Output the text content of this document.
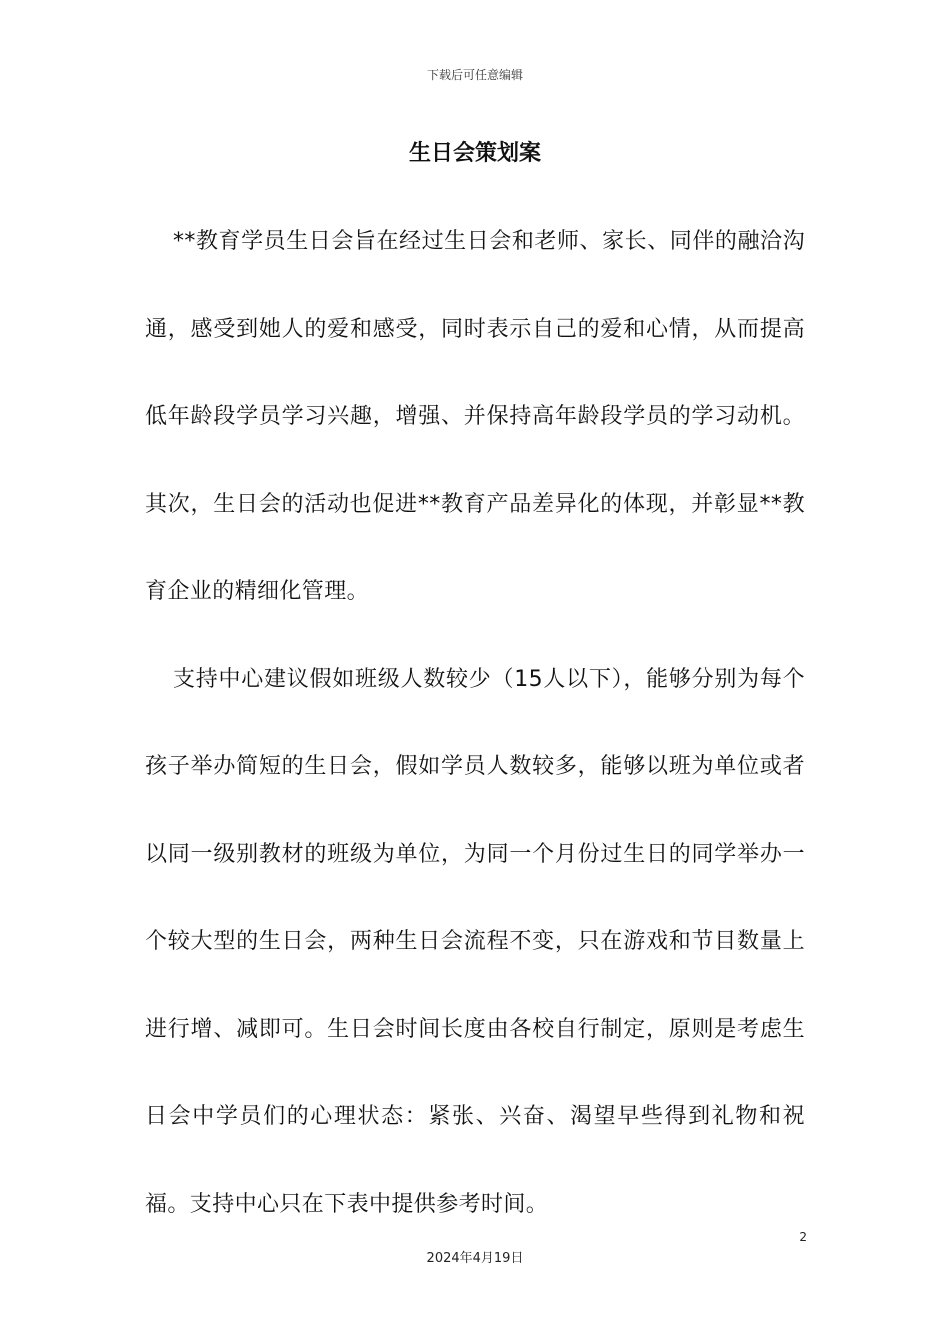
下载后可任意编辑
生日会策划案

**教育学员生日会旨在经过生日会和老师、家长、同伴的融洽沟通，感受到她人的爱和感受，同时表示自己的爱和心情，从而提高低年龄段学员学习兴趣，增强、并保持高年龄段学员的学习动机。其次，生日会的活动也促进**教育产品差异化的体现，并彰显**教育企业的精细化管理。

支持中心建议假如班级人数较少（15人以下），能够分别为每个孩子举办简短的生日会，假如学员人数较多，能够以班为单位或者以同一级别教材的班级为单位，为同一个月份过生日的同学举办一个较大型的生日会，两种生日会流程不变，只在游戏和节目数量上进行增、减即可。生日会时间长度由各校自行制定，原则是考虑生日会中学员们的心理状态：紧张、兴奋、渴望早些得到礼物和祝福。支持中心只在下表中提供参考时间。

2
2024年4月19日
